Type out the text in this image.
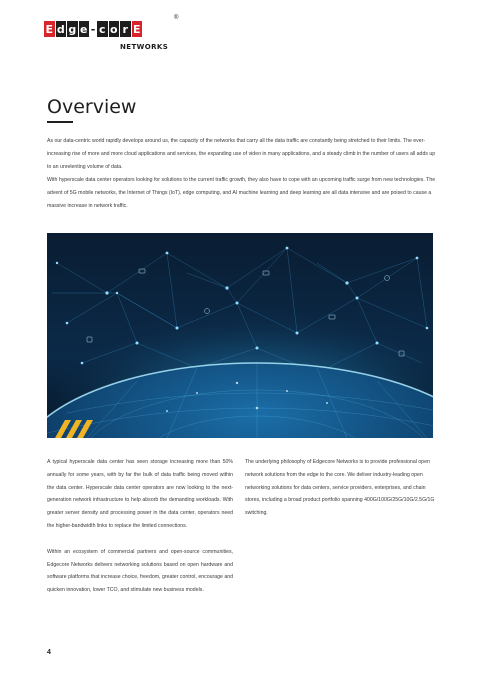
E d g e - c o r E
®
NETWORKS
Overview

As our data-centric world rapidly develops around us, the capacity of the networks that carry all the data traffic are constantly being stretched to their limits. The ever-increasing rise of more and more cloud applications and services, the expanding use of video in many applications, and a steady climb in the number of users all adds up to an unrelenting volume of data.

With hyperscale data center operators looking for solutions to the current traffic growth, they also have to cope with an upcoming traffic surge from new technologies. The advent of 5G mobile networks, the Internet of Things (IoT), edge computing, and AI machine learning and deep learning are all data intensive and are poised to cause a massive increase in network traffic.

A typical hyperscale data center has seen storage increasing more than 50% annually for some years, with by far the bulk of data traffic being moved within the data center. Hyperscale data center operators are now looking to the next-generation network infrastructure to help absorb the demanding workloads. With greater server density and processing power in the data center, operators need the higher-bandwidth links to replace the limited connections.

Within an ecosystem of commercial partners and open-source communities, Edgecore Networks delivers networking solutions based on open hardware and software platforms that increase choice, freedom, greater control, encourage and quicken innovation, lower TCO, and stimulate new business models.

The underlying philosophy of Edgecore Networks is to provide professional open network solutions from the edge to the core. We deliver industry-leading open networking solutions for data centers, service providers, enterprises, and chain stores, including a broad product portfolio spanning 400G/100G/25G/10G/2.5G/1G switching.

4
